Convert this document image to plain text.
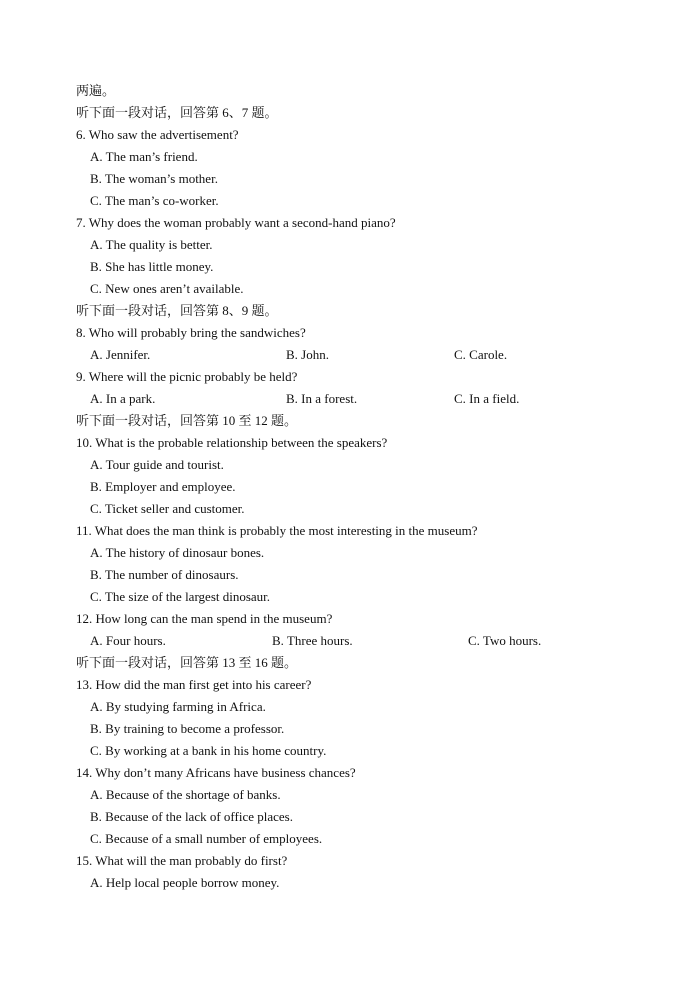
两遍。
听下面一段对话，回答第 6、7 题。
6. Who saw the advertisement?
A. The man’s friend.
B. The woman’s mother.
C. The man’s co-worker.
7. Why does the woman probably want a second-hand piano?
A. The quality is better.
B. She has little money.
C. New ones aren’t available.
听下面一段对话，回答第 8、9 题。
8. Who will probably bring the sandwiches?
A. Jennifer.	B. John.	C. Carole.
9. Where will the picnic probably be held?
A. In a park.	B. In a forest.	C. In a field.
听下面一段对话，回答第 10 至 12 题。
10. What is the probable relationship between the speakers?
A. Tour guide and tourist.
B. Employer and employee.
C. Ticket seller and customer.
11. What does the man think is probably the most interesting in the museum?
A. The history of dinosaur bones.
B. The number of dinosaurs.
C. The size of the largest dinosaur.
12. How long can the man spend in the museum?
A. Four hours.	B. Three hours.	C. Two hours.
听下面一段对话，回答第 13 至 16 题。
13. How did the man first get into his career?
A. By studying farming in Africa.
B. By training to become a professor.
C. By working at a bank in his home country.
14. Why don’t many Africans have business chances?
A. Because of the shortage of banks.
B. Because of the lack of office places.
C. Because of a small number of employees.
15. What will the man probably do first?
A. Help local people borrow money.
